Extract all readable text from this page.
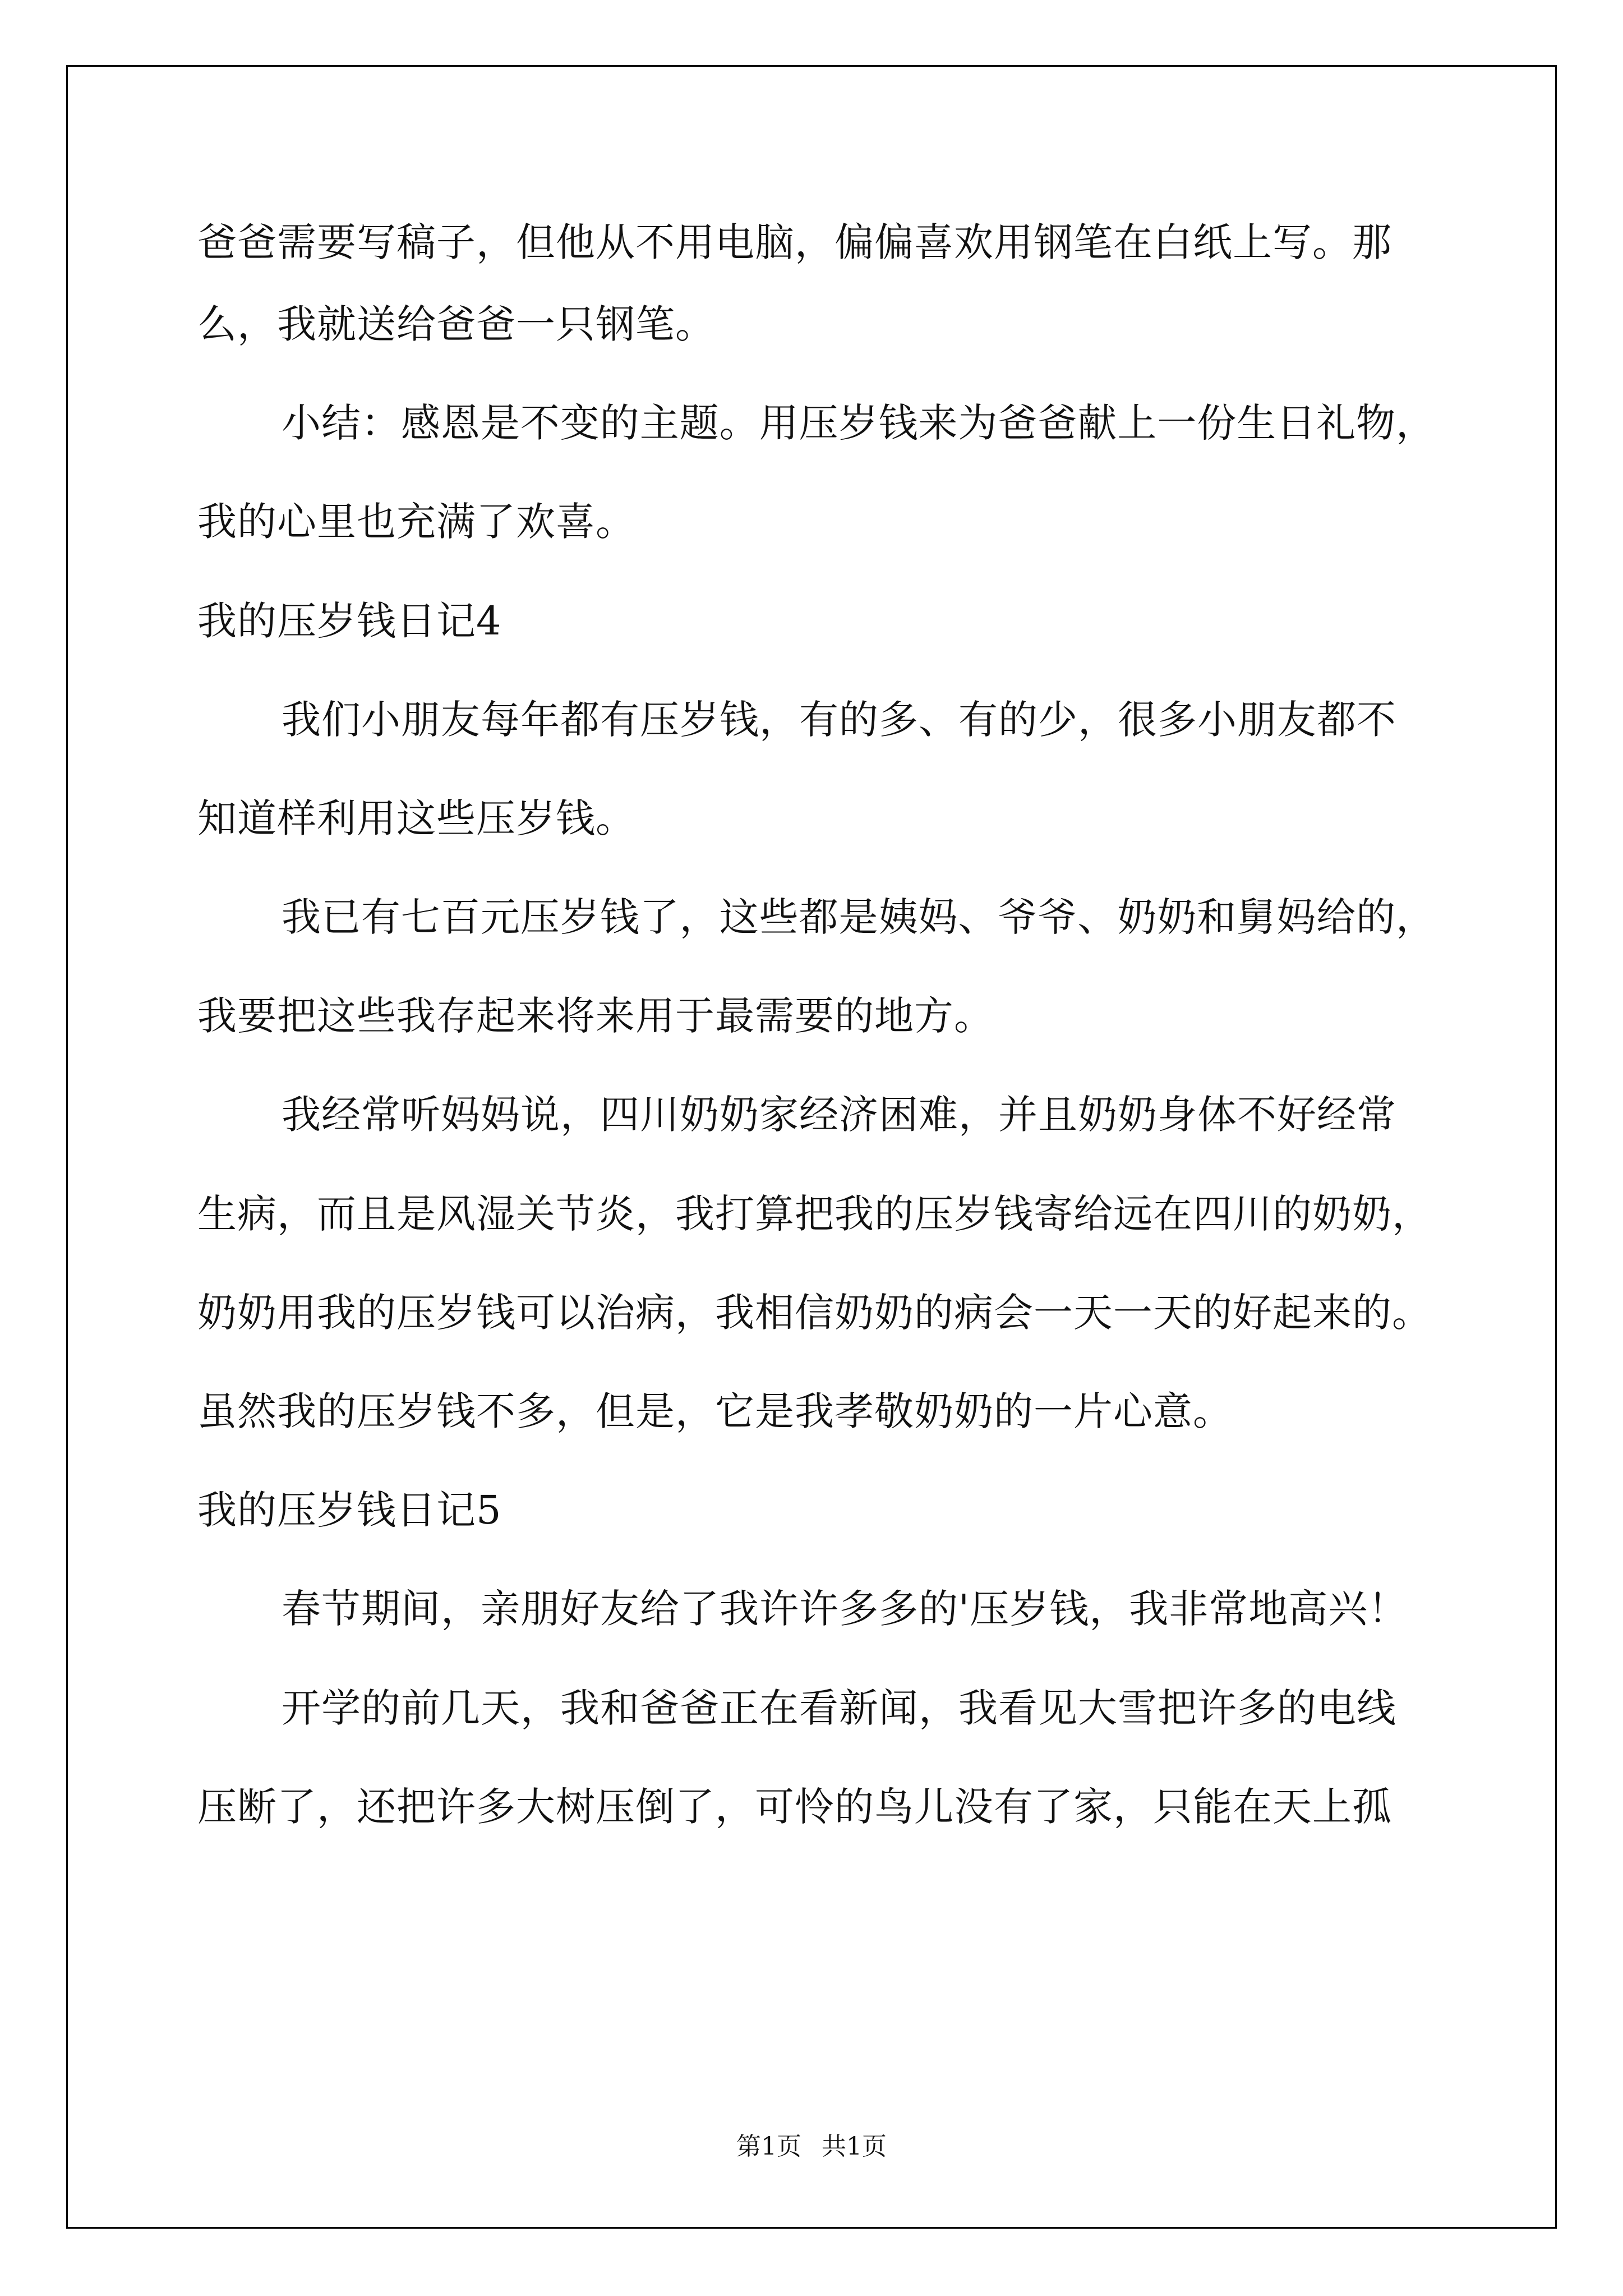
爸爸需要写稿子，但他从不用电脑，偏偏喜欢用钢笔在白纸上写。那
么，我就送给爸爸一只钢笔。
小结：感恩是不变的主题。用压岁钱来为爸爸献上一份生日礼物，
我的心里也充满了欢喜。
我的压岁钱日记4
我们小朋友每年都有压岁钱，有的多、有的少，很多小朋友都不
知道样利用这些压岁钱。
我已有七百元压岁钱了，这些都是姨妈、爷爷、奶奶和舅妈给的，
我要把这些我存起来将来用于最需要的地方。
我经常听妈妈说，四川奶奶家经济困难，并且奶奶身体不好经常
生病，而且是风湿关节炎，我打算把我的压岁钱寄给远在四川的奶奶，
奶奶用我的压岁钱可以治病，我相信奶奶的病会一天一天的好起来的。
虽然我的压岁钱不多，但是，它是我孝敬奶奶的一片心意。
我的压岁钱日记5
春节期间，亲朋好友给了我许许多多的'压岁钱，我非常地高兴！
开学的前几天，我和爸爸正在看新闻，我看见大雪把许多的电线
压断了，还把许多大树压倒了，可怜的鸟儿没有了家，只能在天上孤
第1页 共1页
